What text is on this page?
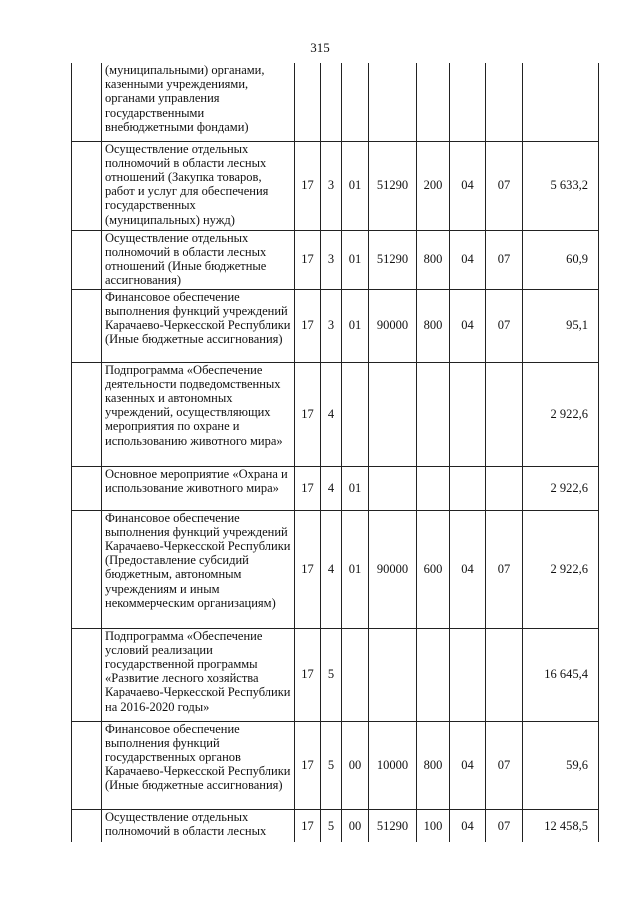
315
	(муниципальными) органами, казенными учреждениями, органами управления государственными внебюджетными фондами)								
	Осуществление отдельных полномочий в области лесных отношений (Закупка товаров, работ и услуг для обеспечения государственных (муниципальных) нужд)	17	3	01	51290	200	04	07	5 633,2
	Осуществление отдельных полномочий в области лесных отношений (Иные бюджетные ассигнования)	17	3	01	51290	800	04	07	60,9
	Финансовое обеспечение выполнения функций учреждений Карачаево-Черкесской Республики (Иные бюджетные ассигнования)	17	3	01	90000	800	04	07	95,1
	Подпрограмма «Обеспечение деятельности подведомственных казенных и автономных учреждений, осуществляющих мероприятия по охране и использованию животного мира»	17	4						2 922,6
	Основное мероприятие «Охрана и использование животного мира»	17	4	01					2 922,6
	Финансовое обеспечение выполнения функций учреждений Карачаево-Черкесской Республики (Предоставление субсидий бюджетным, автономным учреждениям и иным некоммерческим организациям)	17	4	01	90000	600	04	07	2 922,6
	Подпрограмма «Обеспечение условий реализации государственной программы «Развитие лесного хозяйства Карачаево-Черкесской Республики на 2016-2020 годы»	17	5						16 645,4
	Финансовое обеспечение выполнения функций государственных органов Карачаево-Черкесской Республики (Иные бюджетные ассигнования)	17	5	00	10000	800	04	07	59,6
	Осуществление отдельных полномочий в области лесных	17	5	00	51290	100	04	07	12 458,5
